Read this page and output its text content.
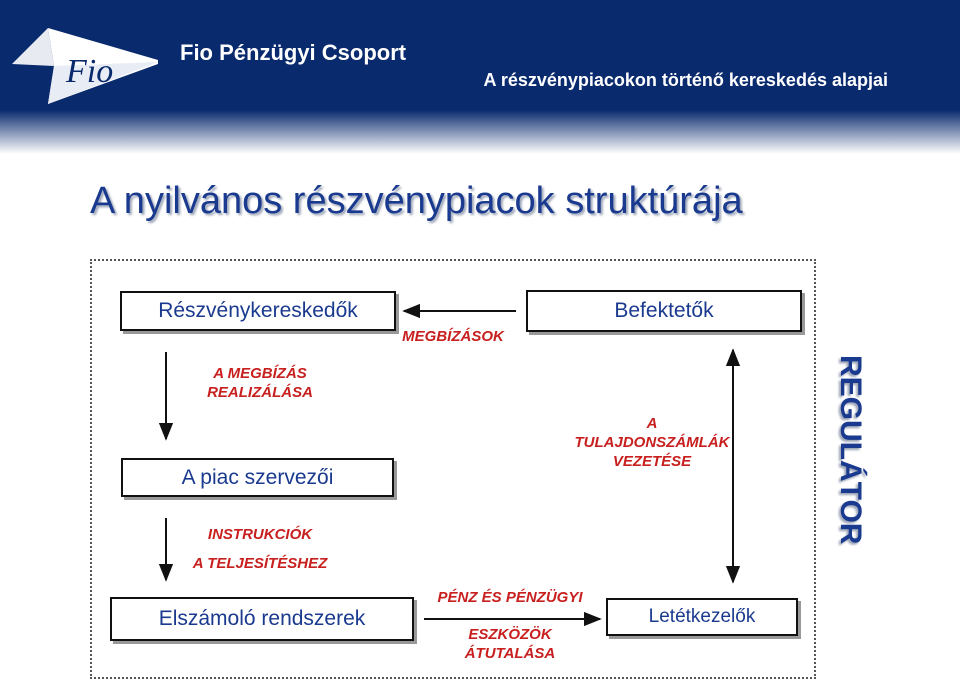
Fio
Fio Pénzügyi Csoport
A részvénypiacokon történő kereskedés alapjai
A nyilvános részvénypiacok struktúrája
Részvénykereskedők	Befektetők
A piac szervezői
Elszámoló rendszerek	Letétkezelők
MEGBÍZÁSOK
A MEGBÍZÁS
REALIZÁLÁSA
INSTRUKCIÓK
A TELJESÍTÉSHEZ
A
TULAJDONSZÁMLÁK
VEZETÉSE
PÉNZ ÉS PÉNZÜGYI
ESZKÖZÖK
ÁTUTALÁSA
REGULÁTOR
